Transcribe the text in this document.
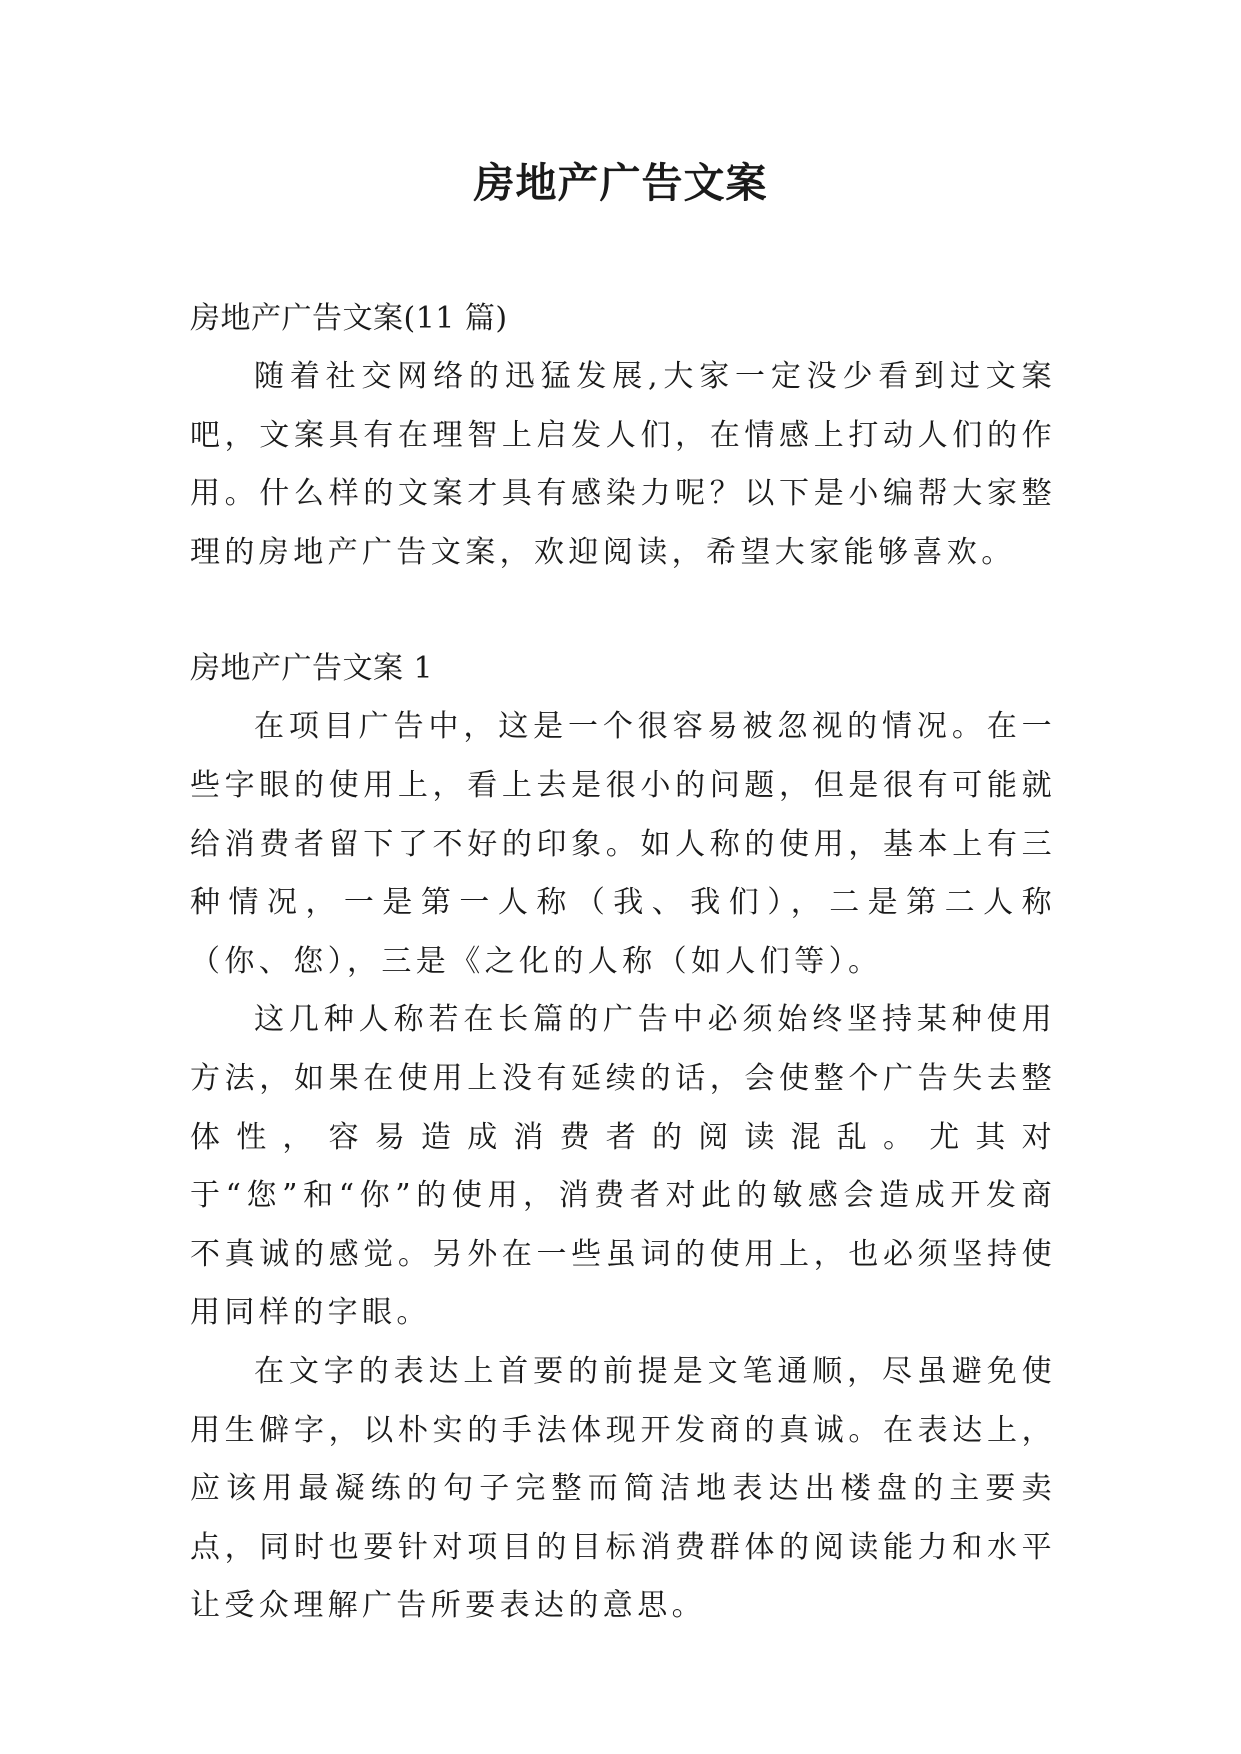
房地产广告文案

房地产广告文案(11 篇)

随着社交网络的迅猛发展,大家一定没少看到过文案吧，文案具有在理智上启发人们，在情感上打动人们的作用。什么样的文案才具有感染力呢？以下是小编帮大家整理的房地产广告文案，欢迎阅读，希望大家能够喜欢。

房地产广告文案 1

在项目广告中，这是一个很容易被忽视的情况。在一些字眼的使用上，看上去是很小的问题，但是很有可能就给消费者留下了不好的印象。如人称的使用，基本上有三种情况，一是第一人称（我、我们），二是第二人称（你、您），三是《之化的人称（如人们等）。

这几种人称若在长篇的广告中必须始终坚持某种使用方法，如果在使用上没有延续的话，会使整个广告失去整体性，容易造成消费者的阅读混乱。尤其对于“您”和“你”的使用，消费者对此的敏感会造成开发商不真诚的感觉。另外在一些虽词的使用上，也必须坚持使用同样的字眼。

在文字的表达上首要的前提是文笔通顺，尽虽避免使用生僻字，以朴实的手法体现开发商的真诚。在表达上，应该用最凝练的句子完整而简洁地表达出楼盘的主要卖点，同时也要针对项目的目标消费群体的阅读能力和水平让受众理解广告所要表达的意思。
